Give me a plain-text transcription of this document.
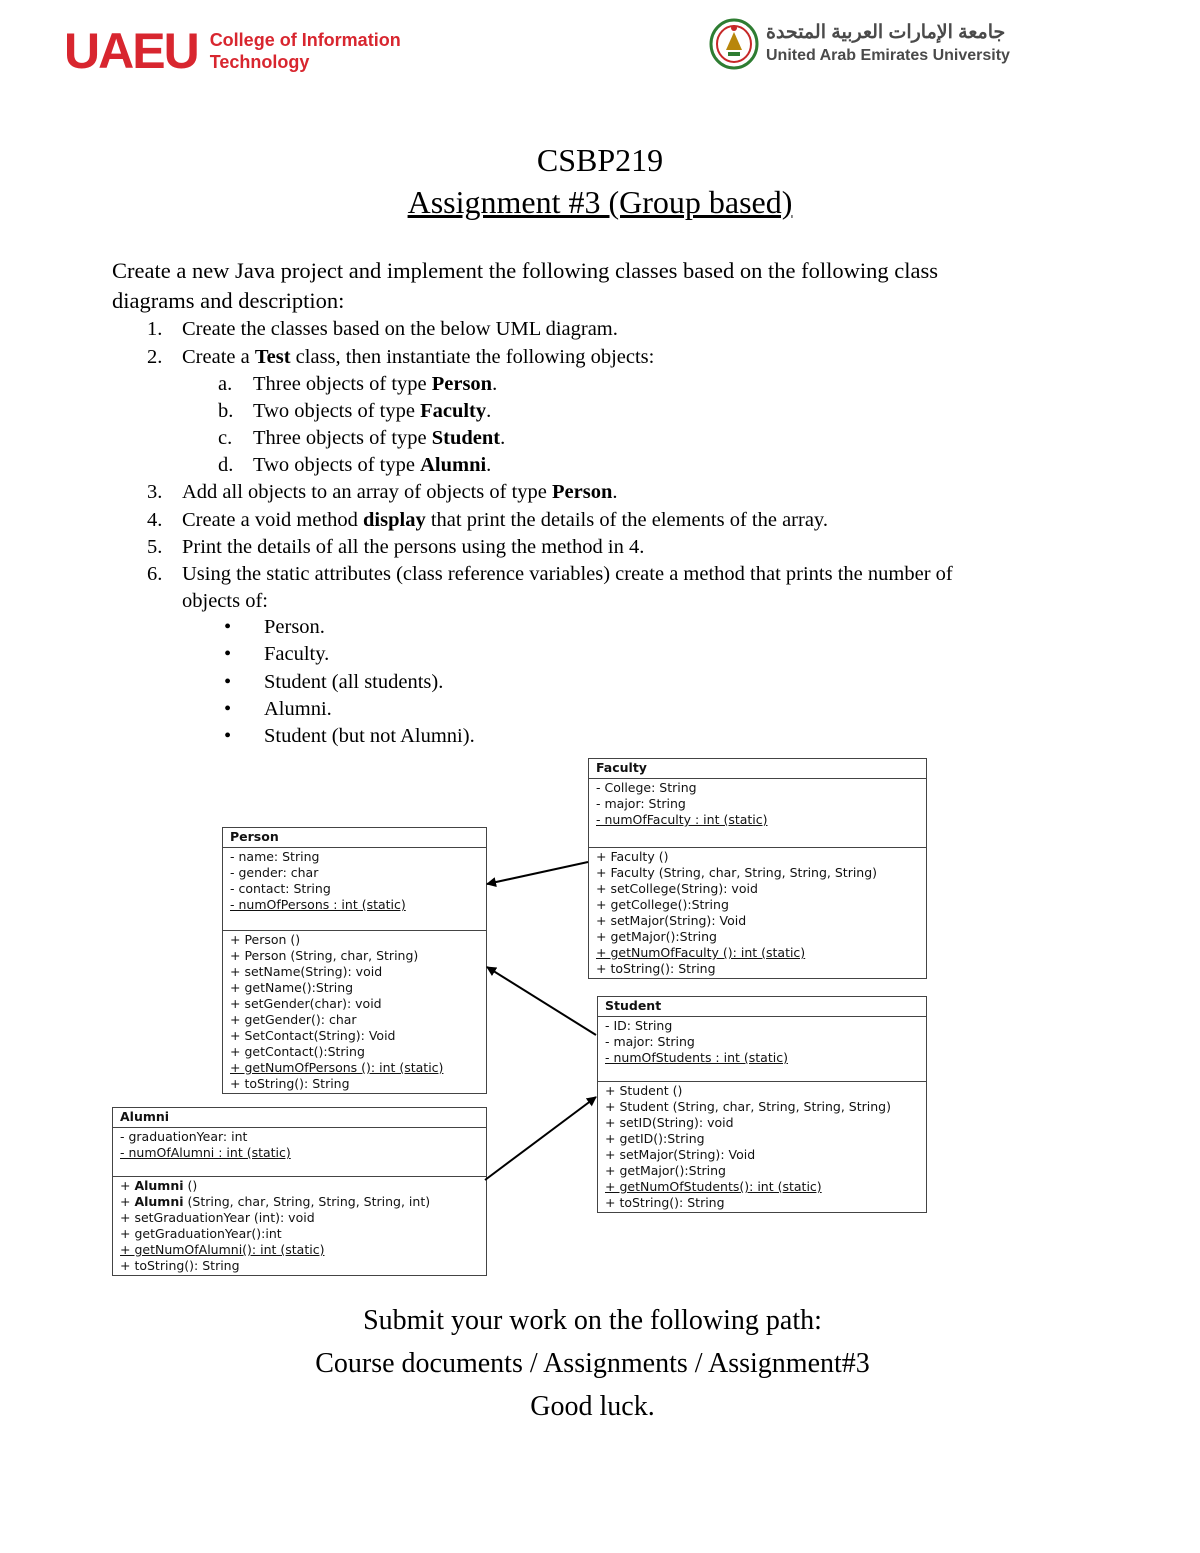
UAEU College of Information
Technology
جامعة الإمارات العربية المتحدة
United Arab Emirates University
CSBP219
Assignment #3 (Group based)
Create a new Java project and implement the following classes based on the following class
diagrams and description:
1. Create the classes based on the below UML diagram.
2. Create a Test class, then instantiate the following objects:
a. Three objects of type Person.
b. Two objects of type Faculty.
c. Three objects of type Student.
d. Two objects of type Alumni.
3. Add all objects to an array of objects of type Person.
4. Create a void method display that print the details of the elements of the array.
5. Print the details of all the persons using the method in 4.
6. Using the static attributes (class reference variables) create a method that prints the number of
objects of:
• Person.
• Faculty.
• Student (all students).
• Alumni.
• Student (but not Alumni).
Faculty
- College: String
- major: String
- numOfFaculty : int (static)
+ Faculty ()
+ Faculty (String, char, String, String, String)
+ setCollege(String): void
+ getCollege():String
+ setMajor(String): Void
+ getMajor():String
+ getNumOfFaculty (): int (static)
+ toString(): String
Person
- name: String
- gender: char
- contact: String
- numOfPersons : int (static)
+ Person ()
+ Person (String, char, String)
+ setName(String): void
+ getName():String
+ setGender(char): void
+ getGender(): char
+ SetContact(String): Void
+ getContact():String
+ getNumOfPersons (): int (static)
+ toString(): String
Student
- ID: String
- major: String
- numOfStudents : int (static)
+ Student ()
+ Student (String, char, String, String, String)
+ setID(String): void
+ getID():String
+ setMajor(String): Void
+ getMajor():String
+ getNumOfStudents(): int (static)
+ toString(): String
Alumni
- graduationYear: int
- numOfAlumni : int (static)
+ Alumni ()
+ Alumni (String, char, String, String, String, int)
+ setGraduationYear (int): void
+ getGraduationYear():int
+ getNumOfAlumni(): int (static)
+ toString(): String
Submit your work on the following path:
Course documents / Assignments / Assignment#3
Good luck.
